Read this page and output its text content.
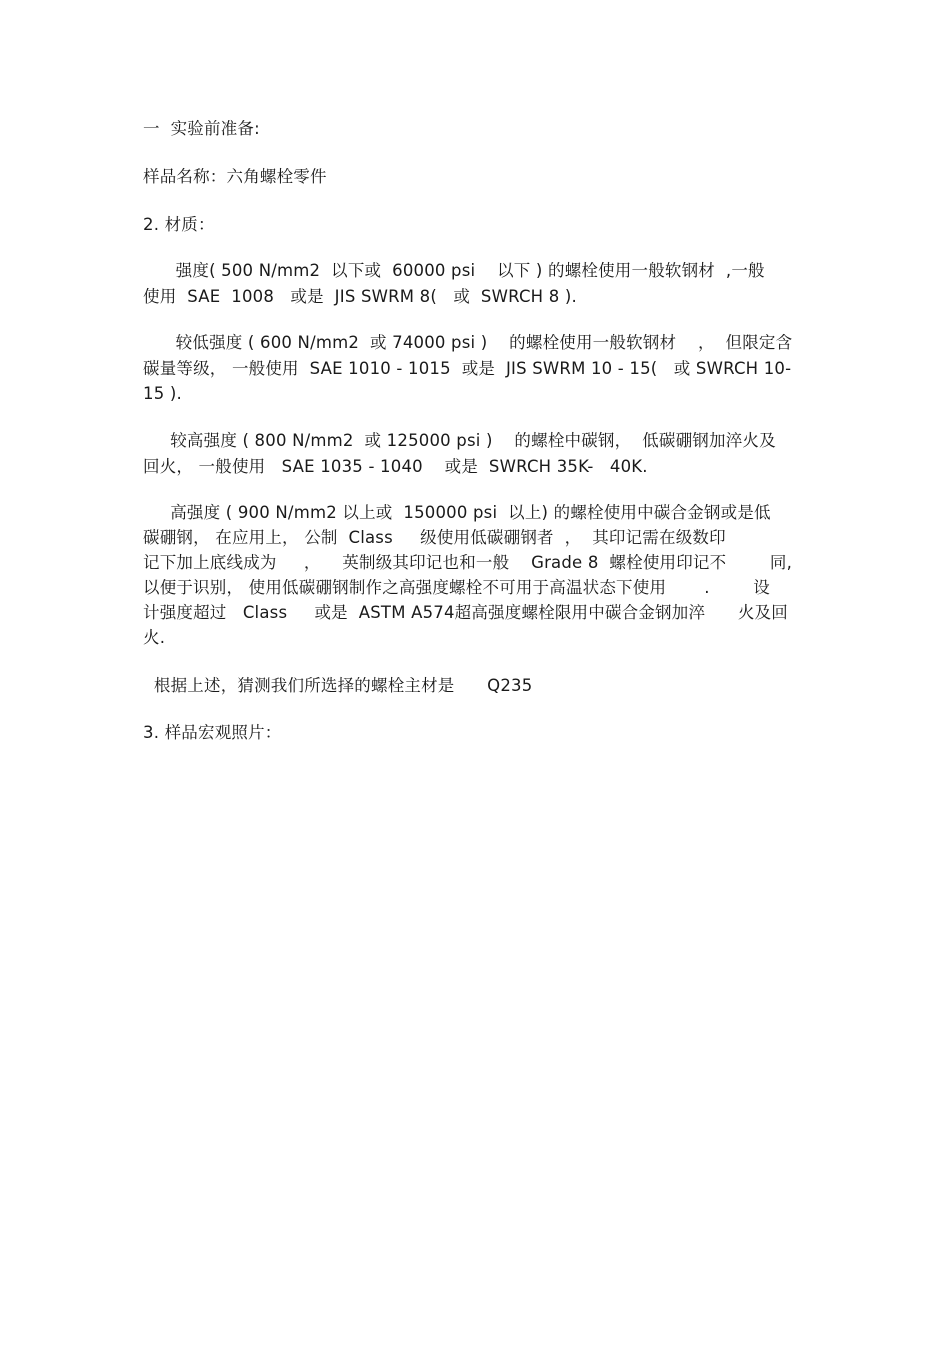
一  实验前准备:
样品名称：六角螺栓零件
2. 材质：
强度( 500 N/mm2  以下或  60000 psi    以下 ) 的螺栓使用一般软钢材  ,一般
使用  SAE  1008   或是  JIS SWRM 8(   或  SWRCH 8 ).
较低强度 ( 600 N/mm2  或 74000 psi )    的螺栓使用一般软钢材    ，  但限定含
碳量等级， 一般使用  SAE 1010 - 1015  或是  JIS SWRM 10 - 15(   或 SWRCH 10-
15 ).
较高强度 ( 800 N/mm2  或 125000 psi )    的螺栓中碳钢，  低碳硼钢加淬火及
回火， 一般使用   SAE 1035 - 1040    或是  SWRCH 35K-   40K.
高强度 ( 900 N/mm2 以上或  150000 psi  以上) 的螺栓使用中碳合金钢或是低
碳硼钢， 在应用上， 公制  Class     级使用低碳硼钢者  ，  其印记需在级数印
记下加上底线成为     ，    英制级其印记也和一般    Grade 8  螺栓使用印记不        同,
以便于识别， 使用低碳硼钢制作之高强度螺栓不可用于高温状态下使用       .        设
计强度超过   Class     或是  ASTM A574超高强度螺栓限用中碳合金钢加淬      火及回
火.
根据上述，猜测我们所选择的螺栓主材是      Q235
3. 样品宏观照片：
